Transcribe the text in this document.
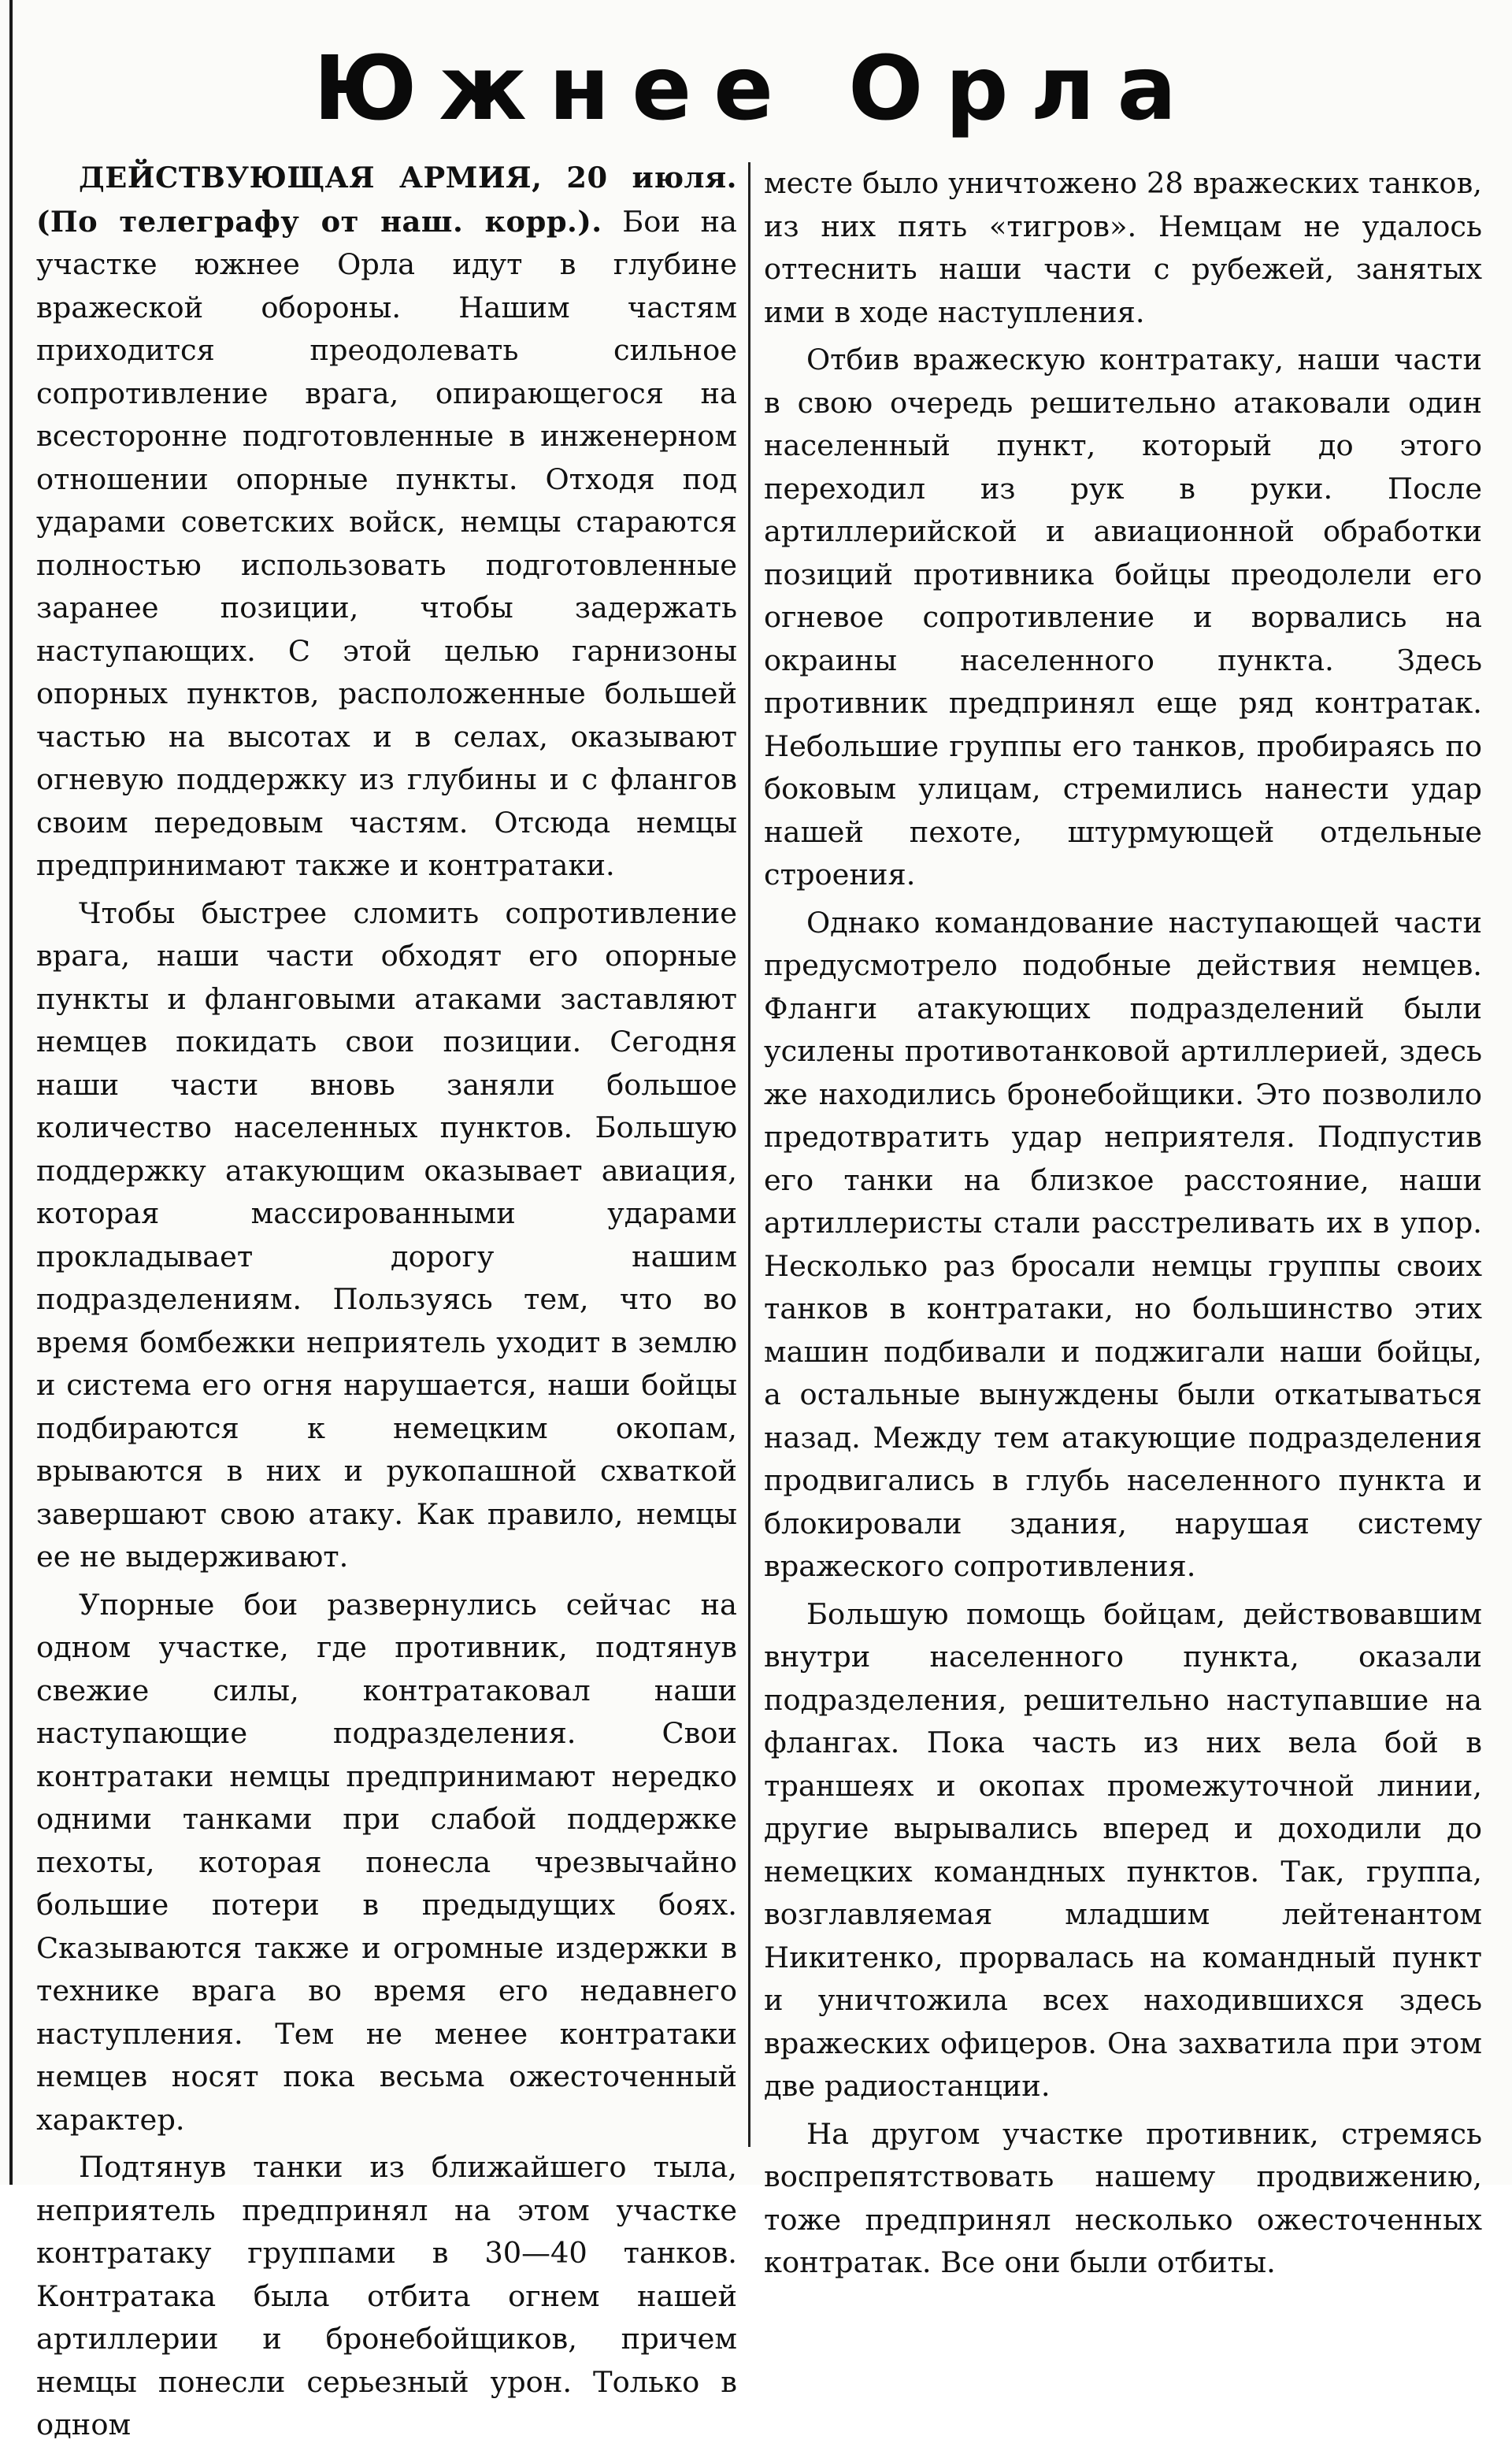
Южнее Орла

ДЕЙСТВУЮЩАЯ АРМИЯ, 20 июля. (По телеграфу от наш. корр.). Бои на участке южнее Орла идут в глубине вражеской обороны. Нашим частям приходится преодолевать сильное сопротивление врага, опирающегося на всесторонне подготовленные в инженерном отношении опорные пункты. Отходя под ударами советских войск, немцы стараются полностью использовать подготовленные заранее позиции, чтобы задержать наступающих. С этой целью гарнизоны опорных пунктов, расположенные большей частью на высотах и в селах, оказывают огневую поддержку из глубины и с флангов своим передовым частям. Отсюда немцы предпринимают также и контратаки.

Чтобы быстрее сломить сопротивление врага, наши части обходят его опорные пункты и фланговыми атаками заставляют немцев покидать свои позиции. Сегодня наши части вновь заняли большое количество населенных пунктов. Большую поддержку атакующим оказывает авиация, которая массированными ударами прокладывает дорогу нашим подразделениям. Пользуясь тем, что во время бомбежки неприятель уходит в землю и система его огня нарушается, наши бойцы подбираются к немецким окопам, врываются в них и рукопашной схваткой завершают свою атаку. Как правило, немцы ее не выдерживают.

Упорные бои развернулись сейчас на одном участке, где противник, подтянув свежие силы, контратаковал наши наступающие подразделения. Свои контратаки немцы предпринимают нередко одними танками при слабой поддержке пехоты, которая понесла чрезвычайно большие потери в предыдущих боях. Сказываются также и огромные издержки в технике врага во время его недавнего наступления. Тем не менее контратаки немцев носят пока весьма ожесточенный характер.

Подтянув танки из ближайшего тыла, неприятель предпринял на этом участке контратаку группами в 30—40 танков. Контратака была отбита огнем нашей артиллерии и бронебойщиков, причем немцы понесли серьезный урон. Только в одном

месте было уничтожено 28 вражеских танков, из них пять «тигров». Немцам не удалось оттеснить наши части с рубежей, занятых ими в ходе наступления.

Отбив вражескую контратаку, наши части в свою очередь решительно атаковали один населенный пункт, который до этого переходил из рук в руки. После артиллерийской и авиационной обработки позиций противника бойцы преодолели его огневое сопротивление и ворвались на окраины населенного пункта. Здесь противник предпринял еще ряд контратак. Небольшие группы его танков, пробираясь по боковым улицам, стремились нанести удар нашей пехоте, штурмующей отдельные строения.

Однако командование наступающей части предусмотрело подобные действия немцев. Фланги атакующих подразделений были усилены противотанковой артиллерией, здесь же находились бронебойщики. Это позволило предотвратить удар неприятеля. Подпустив его танки на близкое расстояние, наши артиллеристы стали расстреливать их в упор. Несколько раз бросали немцы группы своих танков в контратаки, но большинство этих машин подбивали и поджигали наши бойцы, а остальные вынуждены были откатываться назад. Между тем атакующие подразделения продвигались в глубь населенного пункта и блокировали здания, нарушая систему вражеского сопротивления.

Большую помощь бойцам, действовавшим внутри населенного пункта, оказали подразделения, решительно наступавшие на флангах. Пока часть из них вела бой в траншеях и окопах промежуточной линии, другие вырывались вперед и доходили до немецких командных пунктов. Так, группа, возглавляемая младшим лейтенантом Никитенко, прорвалась на командный пункт и уничтожила всех находившихся здесь вражеских офицеров. Она захватила при этом две радиостанции.

На другом участке противник, стремясь воспрепятствовать нашему продвижению, тоже предпринял несколько ожесточенных контратак. Все они были отбиты.
